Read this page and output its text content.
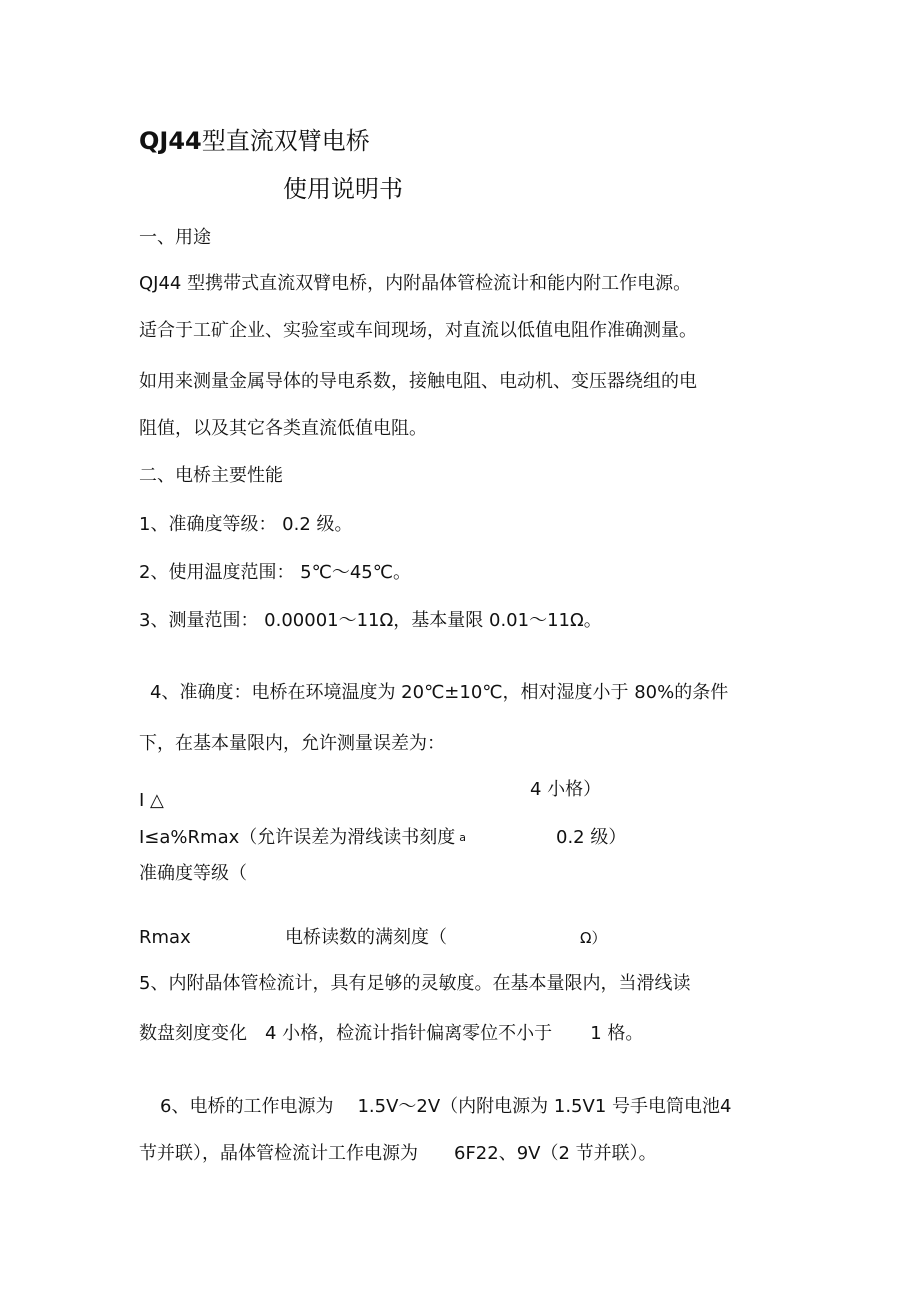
QJ44型直流双臂电桥
使用说明书
一、用途
QJ44 型携带式直流双臂电桥，内附晶体管检流计和能内附工作电源。
适合于工矿企业、实验室或车间现场，对直流以低值电阻作准确测量。
如用来测量金属导体的导电系数，接触电阻、电动机、变压器绕组的电
阻值，以及其它各类直流低值电阻。
二、电桥主要性能
1、准确度等级： 0.2 级。
2、使用温度范围： 5℃～45℃。
3、测量范围： 0.00001～11Ω，基本量限 0.01～11Ω。
4、准确度：电桥在环境温度为 20℃±10℃，相对湿度小于 80%的条件
下，在基本量限内，允许测量误差为：
I △
4 小格）
I≤a%Rmax（允许误差为滑线读书刻度 a	0.2 级）
准确度等级（
Rmax	电桥读数的满刻度（	Ω）
5、内附晶体管检流计，具有足够的灵敏度。在基本量限内，当滑线读
数盘刻度变化 4 小格，检流计指针偏离零位不小于 1 格。
6、电桥的工作电源为 1.5V～2V（内附电源为 1.5V1 号手电筒电池4
节并联），晶体管检流计工作电源为 6F22、9V（2 节并联）。
